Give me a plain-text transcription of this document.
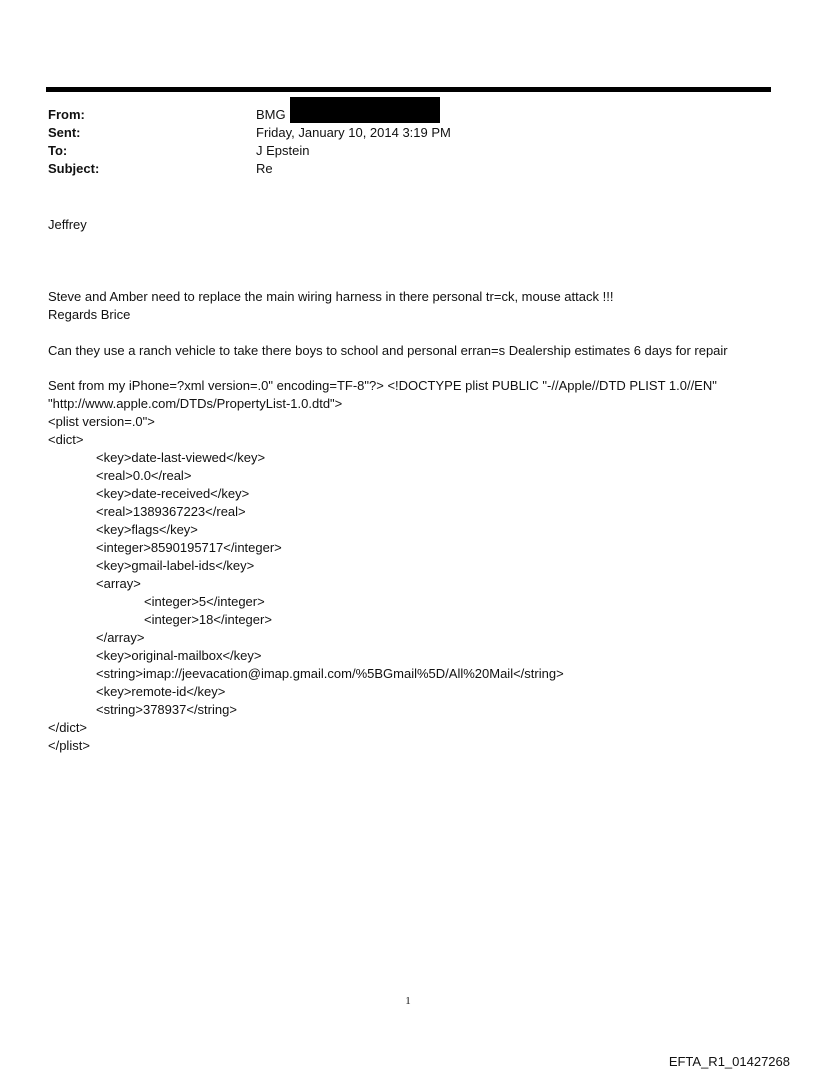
From:	BMG
Sent:	Friday, January 10, 2014 3:19 PM
To:	J Epstein
Subject:	Re
Jeffrey

Steve and Amber need to replace the main wiring harness in there personal tr=ck, mouse attack !!!

Can they use a ranch vehicle to take there boys to school and personal erran=s Dealership estimates 6 days for repair

Regards Brice
Sent from my iPhone=?xml version=.0" encoding=TF-8"?> <!DOCTYPE plist PUBLIC "-//Apple//DTD PLIST 1.0//EN"
"http://www.apple.com/DTDs/PropertyList-1.0.dtd">
<plist version=.0">
<dict>
<key>date-last-viewed</key>
<real>0.0</real>
<key>date-received</key>
<real>1389367223</real>
<key>flags</key>
<integer>8590195717</integer>
<key>gmail-label-ids</key>
<array>
<integer>5</integer>
<integer>18</integer>
</array>
<key>original-mailbox</key>
<string>imap://jeevacation@imap.gmail.com/%5BGmail%5D/All%20Mail</string>
<key>remote-id</key>
<string>378937</string>
</dict>
</plist>
1
EFTA_R1_01427268
